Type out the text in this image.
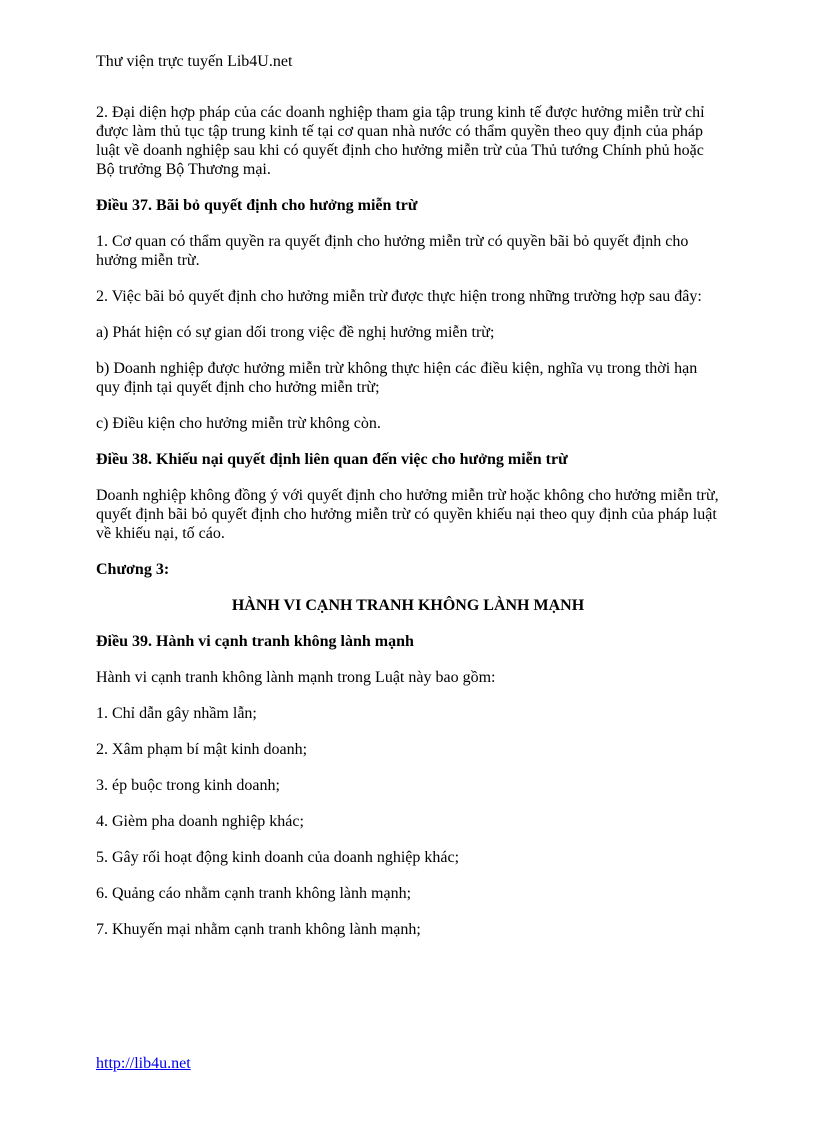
Thư viện trực tuyến Lib4U.net

2. Đại diện hợp pháp của các doanh nghiệp tham gia tập trung kinh tế được hưởng miễn trừ chỉ được làm thủ tục tập trung kinh tế tại cơ quan nhà nước có thẩm quyền theo quy định của pháp luật về doanh nghiệp sau khi có quyết định cho hưởng miễn trừ của Thủ tướng Chính phủ hoặc Bộ trưởng Bộ Thương mại.

Điều 37. Bãi bỏ quyết định cho hưởng miễn trừ

1. Cơ quan có thẩm quyền ra quyết định cho hưởng miễn trừ có quyền bãi bỏ quyết định cho hưởng miễn trừ.

2. Việc bãi bỏ quyết định cho hưởng miễn trừ được thực hiện trong những trường hợp sau đây:

a) Phát hiện có sự gian dối trong việc đề nghị hưởng miễn trừ;

b) Doanh nghiệp được hưởng miễn trừ không thực hiện các điều kiện, nghĩa vụ trong thời hạn quy định tại quyết định cho hưởng miễn trừ;

c) Điều kiện cho hưởng miễn trừ không còn.

Điều 38. Khiếu nại quyết định liên quan đến việc cho hưởng miễn trừ

Doanh nghiệp không đồng ý với quyết định cho hưởng miễn trừ hoặc không cho hưởng miễn trừ, quyết định bãi bỏ quyết định cho hưởng miễn trừ có quyền khiếu nại theo quy định của pháp luật về khiếu nại, tố cáo.

Chương 3:

HÀNH VI CẠNH TRANH KHÔNG LÀNH MẠNH

Điều 39. Hành vi cạnh tranh không lành mạnh

Hành vi cạnh tranh không lành mạnh trong Luật này bao gồm:

1. Chỉ dẫn gây nhầm lẫn;

2. Xâm phạm bí mật kinh doanh;

3. ép buộc trong kinh doanh;

4. Gièm pha doanh nghiệp khác;

5. Gây rối hoạt động kinh doanh của doanh nghiệp khác;

6. Quảng cáo nhằm cạnh tranh không lành mạnh;

7. Khuyến mại nhằm cạnh tranh không lành mạnh;

http://lib4u.net
